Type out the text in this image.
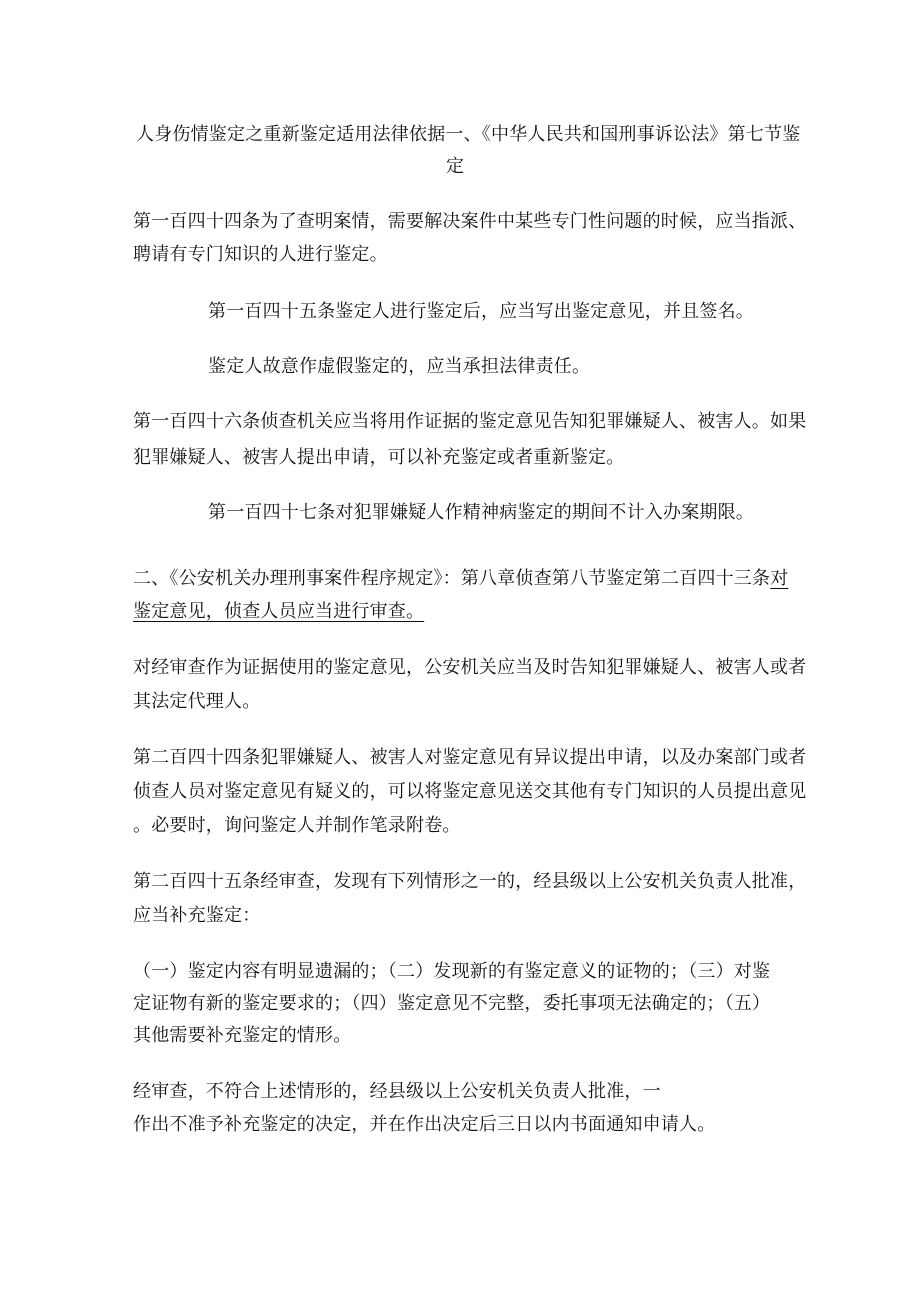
人身伤情鉴定之重新鉴定适用法律依据一、《中华人民共和国刑事诉讼法》第七节鉴
定
第一百四十四条为了查明案情，需要解决案件中某些专门性问题的时候，应当指派、
聘请有专门知识的人进行鉴定。
第一百四十五条鉴定人进行鉴定后，应当写出鉴定意见，并且签名。
鉴定人故意作虚假鉴定的，应当承担法律责任。
第一百四十六条侦查机关应当将用作证据的鉴定意见告知犯罪嫌疑人、被害人。如果
犯罪嫌疑人、被害人提出申请，可以补充鉴定或者重新鉴定。
第一百四十七条对犯罪嫌疑人作精神病鉴定的期间不计入办案期限。
二、《公安机关办理刑事案件程序规定》：第八章侦查第八节鉴定第二百四十三条对
鉴定意见，侦查人员应当进行审查。
对经审查作为证据使用的鉴定意见，公安机关应当及时告知犯罪嫌疑人、被害人或者
其法定代理人。
第二百四十四条犯罪嫌疑人、被害人对鉴定意见有异议提出申请，以及办案部门或者
侦查人员对鉴定意见有疑义的，可以将鉴定意见送交其他有专门知识的人员提出意见
。必要时，询问鉴定人并制作笔录附卷。
第二百四十五条经审查，发现有下列情形之一的，经县级以上公安机关负责人批准，
应当补充鉴定：
（一）鉴定内容有明显遗漏的；（二）发现新的有鉴定意义的证物的；（三）对鉴
定证物有新的鉴定要求的；（四）鉴定意见不完整，委托事项无法确定的；（五）
其他需要补充鉴定的情形。
经审查，不符合上述情形的，经县级以上公安机关负责人批准，一
作出不准予补充鉴定的决定，并在作出决定后三日以内书面通知申请人。
